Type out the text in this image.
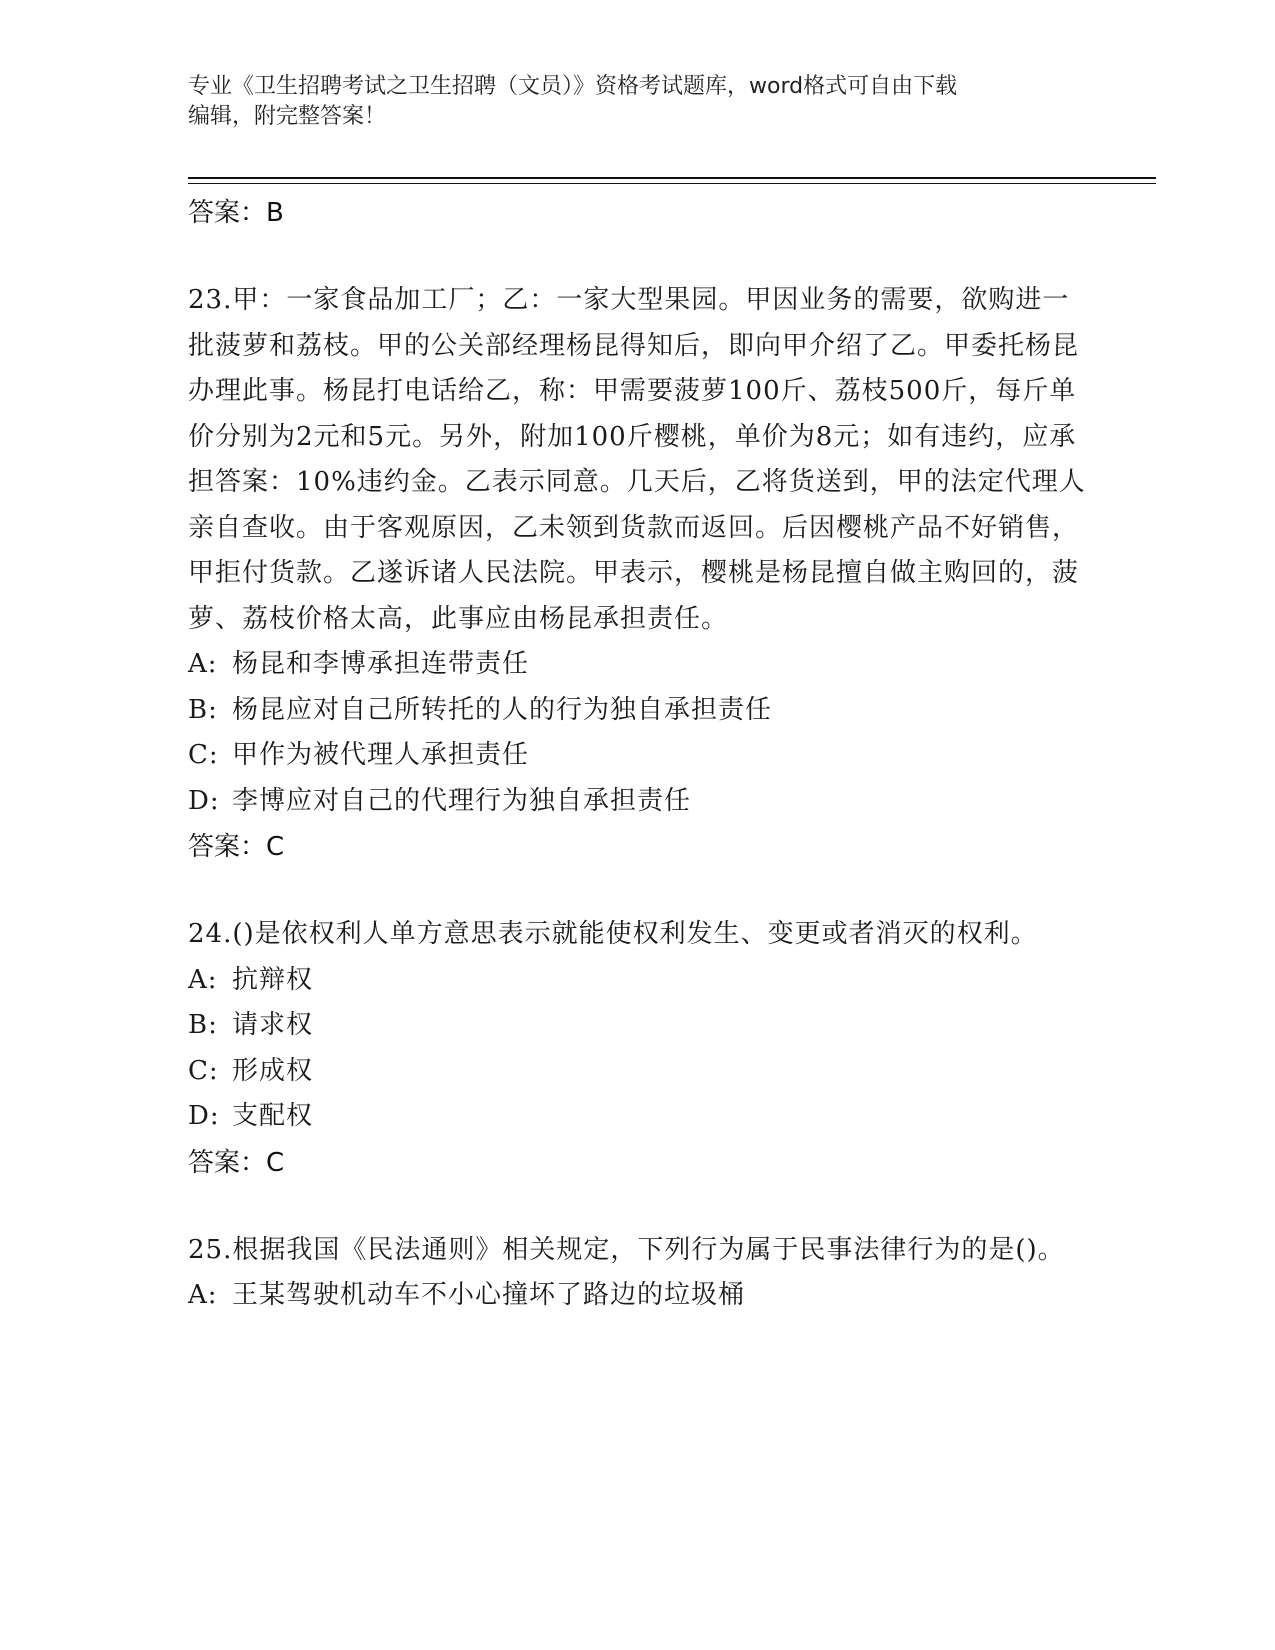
专业《卫生招聘考试之卫生招聘（文员）》资格考试题库，word格式可自由下载
编辑，附完整答案！
答案：B
23.甲：一家食品加工厂；乙：一家大型果园。甲因业务的需要，欲购进一批菠萝和荔枝。甲的公关部经理杨昆得知后，即向甲介绍了乙。甲委托杨昆办理此事。杨昆打电话给乙，称：甲需要菠萝100斤、荔枝500斤，每斤单价分别为2元和5元。另外，附加100斤樱桃，单价为8元；如有违约，应承担答案：10%违约金。乙表示同意。几天后，乙将货送到，甲的法定代理人亲自查收。由于客观原因，乙未领到货款而返回。后因樱桃产品不好销售，甲拒付货款。乙遂诉诸人民法院。甲表示，樱桃是杨昆擅自做主购回的，菠萝、荔枝价格太高，此事应由杨昆承担责任。
A: 杨昆和李博承担连带责任
B: 杨昆应对自己所转托的人的行为独自承担责任
C: 甲作为被代理人承担责任
D: 李博应对自己的代理行为独自承担责任
答案：C
24.()是依权利人单方意思表示就能使权利发生、变更或者消灭的权利。
A: 抗辩权
B: 请求权
C: 形成权
D: 支配权
答案：C
25.根据我国《民法通则》相关规定，下列行为属于民事法律行为的是()。
A: 王某驾驶机动车不小心撞坏了路边的垃圾桶
